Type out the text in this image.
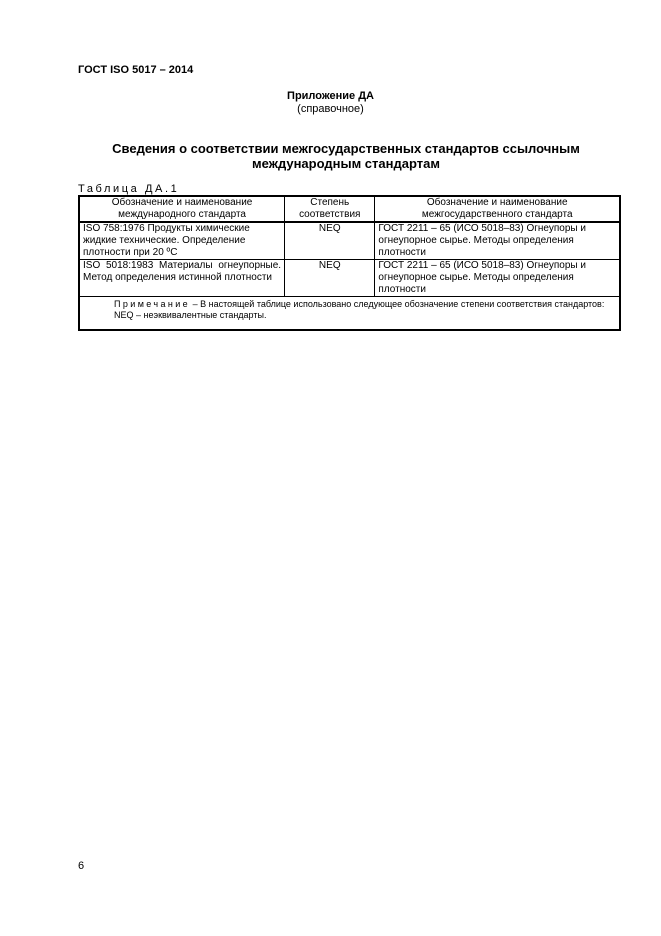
ГОСТ ISO 5017 – 2014
Приложение ДА
(справочное)
Сведения о соответствии межгосударственных стандартов ссылочным международным стандартам
Таблица ДА.1
Обозначение и наименование международного стандарта	Степень соответствия	Обозначение и наименование межгосударственного стандарта
ISO 758:1976 Продукты химические жидкие технические. Определение плотности при 20 ºС	NEQ	ГОСТ 2211 – 65 (ИСО 5018–83) Огнеупоры и огнеупорное сырье. Методы определения плотности
ISO 5018:1983 Материалы огнеупорные. Метод определения истинной плотности	NEQ	ГОСТ 2211 – 65 (ИСО 5018–83) Огнеупоры и огнеупорное сырье. Методы определения плотности
Примечание – В настоящей таблице использовано следующее обозначение степени соответствия стандартов:
NEQ – неэквивалентные стандарты.		
6
